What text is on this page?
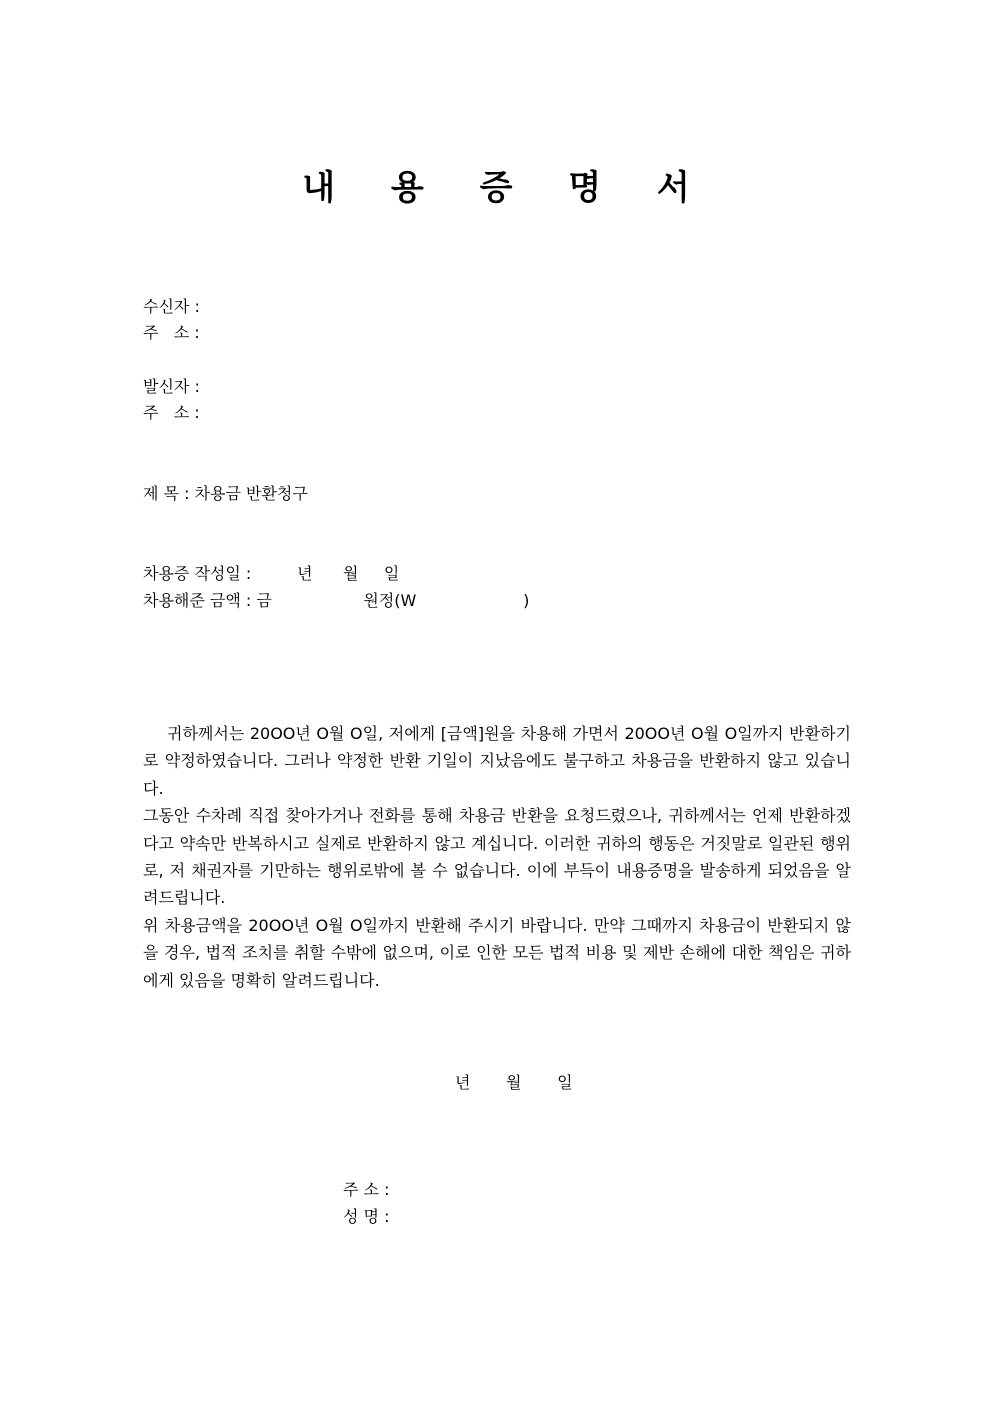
내 용 증 명 서
수신자 :
주   소 :
발신자 :
주   소 :
제 목 : 차용금 반환청구
차용증 작성일 :         년      월     일
차용해준 금액 : 금                  원정(W                     )

귀하께서는 20OO년 O월 O일, 저에게 [금액]원을 차용해 가면서 20OO년 O월 O일까지 반환하기로 약정하였습니다. 그러나 약정한 반환 기일이 지났음에도 불구하고 차용금을 반환하지 않고 있습니다.

그동안 수차례 직접 찾아가거나 전화를 통해 차용금 반환을 요청드렸으나, 귀하께서는 언제 반환하겠다고 약속만 반복하시고 실제로 반환하지 않고 계십니다. 이러한 귀하의 행동은 거짓말로 일관된 행위로, 저 채권자를 기만하는 행위로밖에 볼 수 없습니다. 이에 부득이 내용증명을 발송하게 되었음을 알려드립니다.

위 차용금액을 20OO년 O월 O일까지 반환해 주시기 바랍니다. 만약 그때까지 차용금이 반환되지 않을 경우, 법적 조치를 취할 수밖에 없으며, 이로 인한 모든 법적 비용 및 제반 손해에 대한 책임은 귀하에게 있음을 명확히 알려드립니다.

년       월       일
주 소 :
성 명 :
